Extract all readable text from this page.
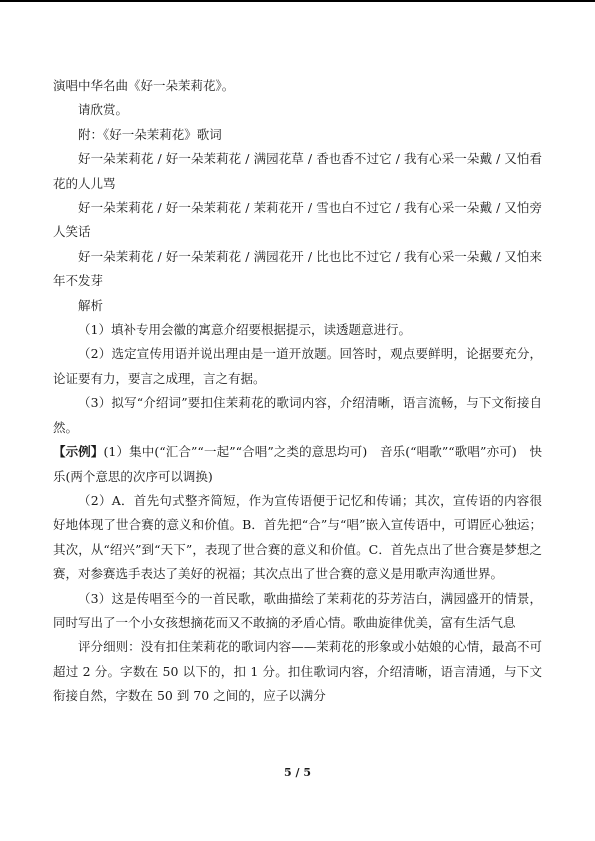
演唱中华名曲《好一朵茉莉花》。

请欣赏。

附：《好一朵茉莉花》歌词

好一朵茉莉花 / 好一朵茉莉花 / 满园花草 / 香也香不过它 / 我有心采一朵戴 / 又怕看花的人儿骂

好一朵茉莉花 / 好一朵茉莉花 / 茉莉花开 / 雪也白不过它 / 我有心采一朵戴 / 又怕旁人笑话

好一朵茉莉花 / 好一朵茉莉花 / 满园花开 / 比也比不过它 / 我有心采一朵戴 / 又怕来年不发芽

解析

（1）填补专用会徽的寓意介绍要根据提示，读透题意进行。

（2）选定宣传用语并说出理由是一道开放题。回答时，观点要鲜明，论据要充分，论证要有力，要言之成理，言之有据。

（3）拟写“介绍词”要扣住茉莉花的歌词内容，介绍清晰，语言流畅，与下文衔接自然。

【示例】(1）集中(“汇合”“一起”“合唱”之类的意思均可)　音乐(“唱歌”“歌唱”亦可)　快乐(两个意思的次序可以调换)

（2）A．首先句式整齐简短，作为宣传语便于记忆和传诵；其次，宣传语的内容很好地体现了世合赛的意义和价值。B．首先把“合”与“唱”嵌入宣传语中，可谓匠心独运；其次，从“绍兴”到“天下”，表现了世合赛的意义和价值。C．首先点出了世合赛是梦想之赛，对参赛选手表达了美好的祝福；其次点出了世合赛的意义是用歌声沟通世界。

（3）这是传唱至今的一首民歌，歌曲描绘了茉莉花的芬芳洁白，满园盛开的情景，同时写出了一个小女孩想摘花而又不敢摘的矛盾心情。歌曲旋律优美，富有生活气息

评分细则：没有扣住茉莉花的歌词内容——茉莉花的形象或小姑娘的心情，最高不可超过 2 分。字数在 50 以下的，扣 1 分。扣住歌词内容，介绍清晰，语言清通，与下文衔接自然，字数在 50 到 70 之间的，应子以满分

5 / 5
